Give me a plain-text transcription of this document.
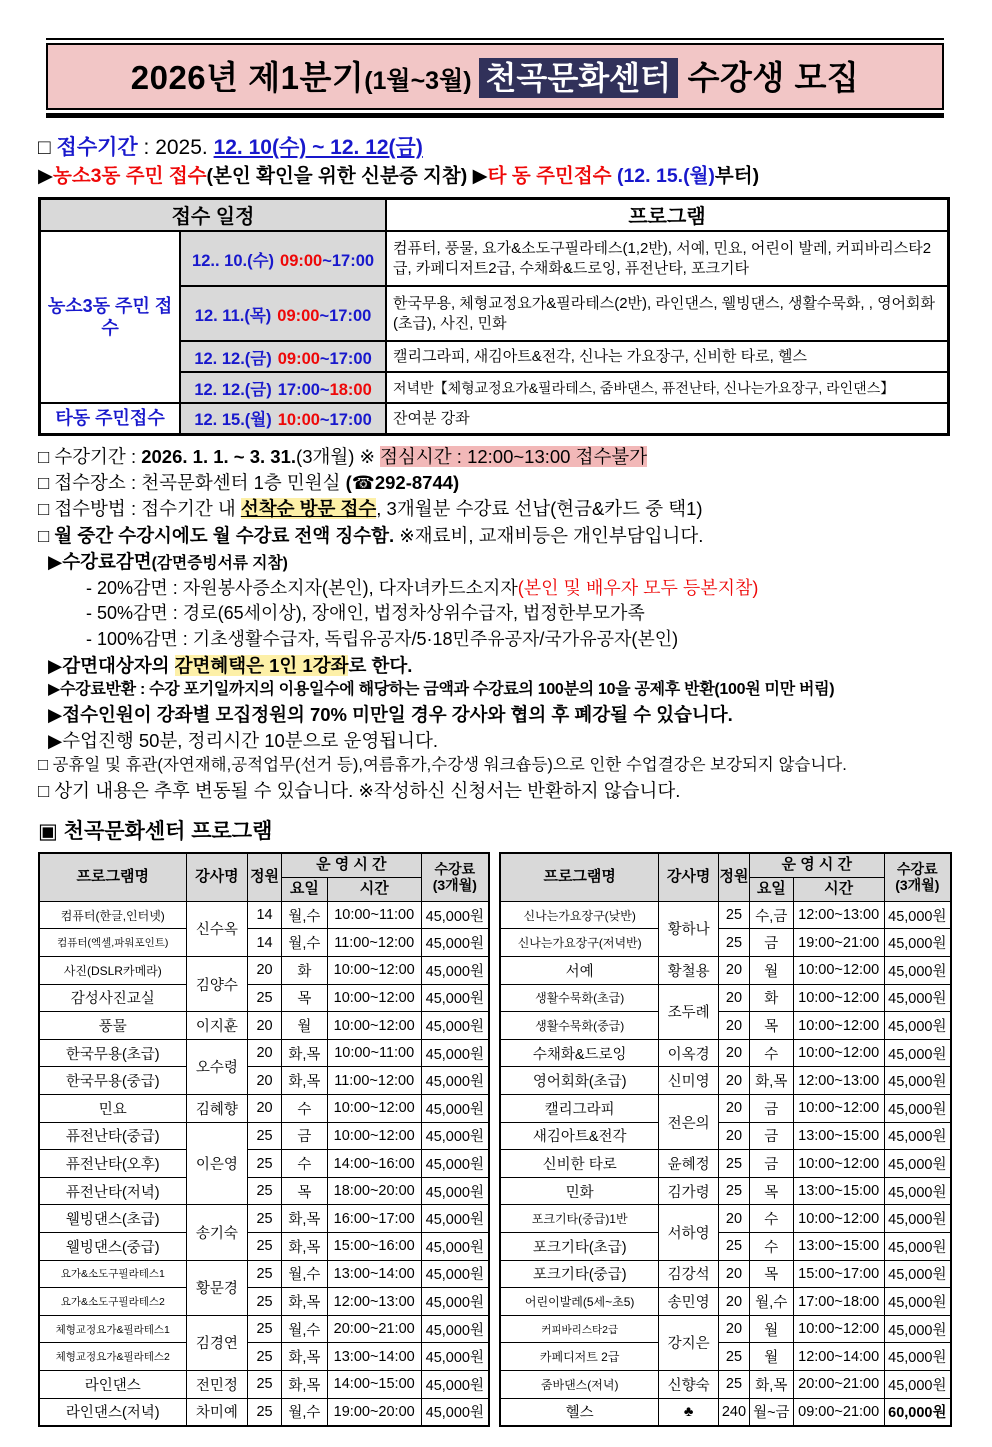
2026년 제1분기(1월~3월) 천곡문화센터 수강생 모집
□ 접수기간 : 2025. 12. 10(수) ~ 12. 12(금)
▶농소3동 주민 접수(본인 확인을 위한 신분증 지참) ▶타 동 주민접수 (12. 15.(월)부터)
접수 일정		프로그램
농소3동 주민 접수	12.. 10.(수) 09:00~17:00	컴퓨터, 풍물, 요가&소도구필라테스(1,2반), 서예, 민요, 어린이 발레, 커피바리스타2급, 카페디저트2급, 수채화&드로잉, 퓨전난타, 포크기타
	12. 11.(목) 09:00~17:00	한국무용, 체형교정요가&필라테스(2반), 라인댄스, 웰빙댄스, 생활수묵화, , 영어회화(초급), 사진, 민화
	12. 12.(금) 09:00~17:00	캘리그라피, 새김아트&전각, 신나는 가요장구, 신비한 타로, 헬스
	12. 12.(금) 17:00~18:00	저녁반【체형교정요가&필라테스, 줌바댄스, 퓨전난타, 신나는가요장구, 라인댄스】
타동 주민접수	12. 15.(월) 10:00~17:00	잔여분 강좌
□ 수강기간 : 2026. 1. 1. ~ 3. 31.(3개월) ※ 점심시간 : 12:00~13:00 접수불가
□ 접수장소 : 천곡문화센터 1층 민원실 (☎292-8744)
□ 접수방법 : 접수기간 내 선착순 방문 접수, 3개월분 수강료 선납(현금&카드 중 택1)
□ 월 중간 수강시에도 월 수강료 전액 징수함. ※재료비, 교재비등은 개인부담입니다.
▶수강료감면(감면증빙서류 지참)
- 20%감면 : 자원봉사증소지자(본인), 다자녀카드소지자(본인 및 배우자 모두 등본지참)
- 50%감면 : 경로(65세이상), 장애인, 법정차상위수급자, 법정한부모가족
- 100%감면 : 기초생활수급자, 독립유공자/5·18민주유공자/국가유공자(본인)
▶감면대상자의 감면혜택은 1인 1강좌로 한다.
▶수강료반환 : 수강 포기일까지의 이용일수에 해당하는 금액과 수강료의 100분의 10을 공제후 반환(100원 미만 버림)
▶접수인원이 강좌별 모집정원의 70% 미만일 경우 강사와 협의 후 폐강될 수 있습니다.
▶수업진행 50분, 정리시간 10분으로 운영됩니다.
□ 공휴일 및 휴관(자연재해,공적업무(선거 등),여름휴가,수강생 워크숍등)으로 인한 수업결강은 보강되지 않습니다.
□ 상기 내용은 추후 변동될 수 있습니다. ※작성하신 신청서는 반환하지 않습니다.
▣ 천곡문화센터 프로그램
프로그램명	강사명	정원	운 영 시 간		수강료
(3개월)
			요일	시간	
컴퓨터(한글,인터넷)	신수옥	14	월,수	10:00~11:00	45,000원
컴퓨터(엑셀,파워포인트)		14	월,수	11:00~12:00	45,000원
사진(DSLR카메라)	김양수	20	화	10:00~12:00	45,000원
감성사진교실		25	목	10:00~12:00	45,000원
풍물	이지훈	20	월	10:00~12:00	45,000원
한국무용(초급)	오수령	20	화,목	10:00~11:00	45,000원
한국무용(중급)		20	화,목	11:00~12:00	45,000원
민요	김혜향	20	수	10:00~12:00	45,000원
퓨전난타(중급)	이은영	25	금	10:00~12:00	45,000원
퓨전난타(오후)		25	수	14:00~16:00	45,000원
퓨전난타(저녁)		25	목	18:00~20:00	45,000원
웰빙댄스(초급)	송기숙	25	화,목	16:00~17:00	45,000원
웰빙댄스(중급)		25	화,목	15:00~16:00	45,000원
요가&소도구필라테스1	황문경	25	월,수	13:00~14:00	45,000원
요가&소도구필라테스2		25	화,목	12:00~13:00	45,000원
체형교정요가&필라테스1	김경연	25	월,수	20:00~21:00	45,000원
체형교정요가&필라테스2		25	화,목	13:00~14:00	45,000원
라인댄스	전민정	25	화,목	14:00~15:00	45,000원
라인댄스(저녁)	차미예	25	월,수	19:00~20:00	45,000원
프로그램명	강사명	정원	운 영 시 간		수강료
(3개월)
			요일	시간	
신나는가요장구(낮반)	황하나	25	수,금	12:00~13:00	45,000원
신나는가요장구(저녁반)		25	금	19:00~21:00	45,000원
서예	황철용	20	월	10:00~12:00	45,000원
생활수묵화(초급)	조두례	20	화	10:00~12:00	45,000원
생활수묵화(중급)		20	목	10:00~12:00	45,000원
수채화&드로잉	이옥경	20	수	10:00~12:00	45,000원
영어회화(초급)	신미영	20	화,목	12:00~13:00	45,000원
캘리그라피	전은의	20	금	10:00~12:00	45,000원
새김아트&전각		20	금	13:00~15:00	45,000원
신비한 타로	윤혜정	25	금	10:00~12:00	45,000원
민화	김가령	25	목	13:00~15:00	45,000원
포크기타(중급)1반	서하영	20	수	10:00~12:00	45,000원
포크기타(초급)		25	수	13:00~15:00	45,000원
포크기타(중급)	김강석	20	목	15:00~17:00	45,000원
어린이발레(5세~초5)	송민영	20	월,수	17:00~18:00	45,000원
커피바리스타2급	강지은	20	월	10:00~12:00	45,000원
카페디저트 2급		25	월	12:00~14:00	45,000원
줌바댄스(저녁)	신향숙	25	화,목	20:00~21:00	45,000원
헬스	♣	240	월~금	09:00~21:00	60,000원
